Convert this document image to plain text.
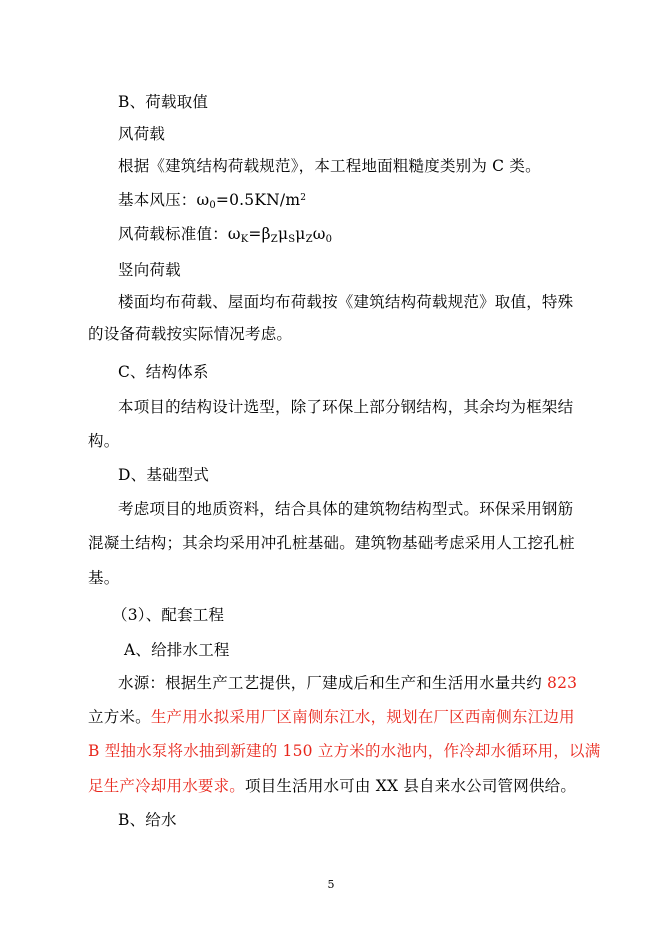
B、荷载取值
风荷载
根据《建筑结构荷载规范》，本工程地面粗糙度类别为 C 类。
基本风压：$\omega_0=0.5KN/m^2$
风荷载标准值：$\omega_K=\beta_Z\mu_S\mu_Z\omega_0$
竖向荷载
楼面均布荷载、屋面均布荷载按《建筑结构荷载规范》取值，特殊
的设备荷载按实际情况考虑。
C、结构体系
本项目的结构设计选型，除了环保上部分钢结构，其余均为框架结
构。
D、基础型式
考虑项目的地质资料，结合具体的建筑物结构型式。环保采用钢筋
混凝土结构；其余均采用冲孔桩基础。建筑物基础考虑采用人工挖孔桩
基。
（3）、配套工程
A、给排水工程
水源：根据生产工艺提供，厂建成后和生产和生活用水量共约 823
立方米。生产用水拟采用厂区南侧东江水，规划在厂区西南侧东江边用
B 型抽水泵将水抽到新建的 150 立方米的水池内，作冷却水循环用，以满
足生产冷却用水要求。项目生活用水可由 XX 县自来水公司管网供给。
B、给水
5
